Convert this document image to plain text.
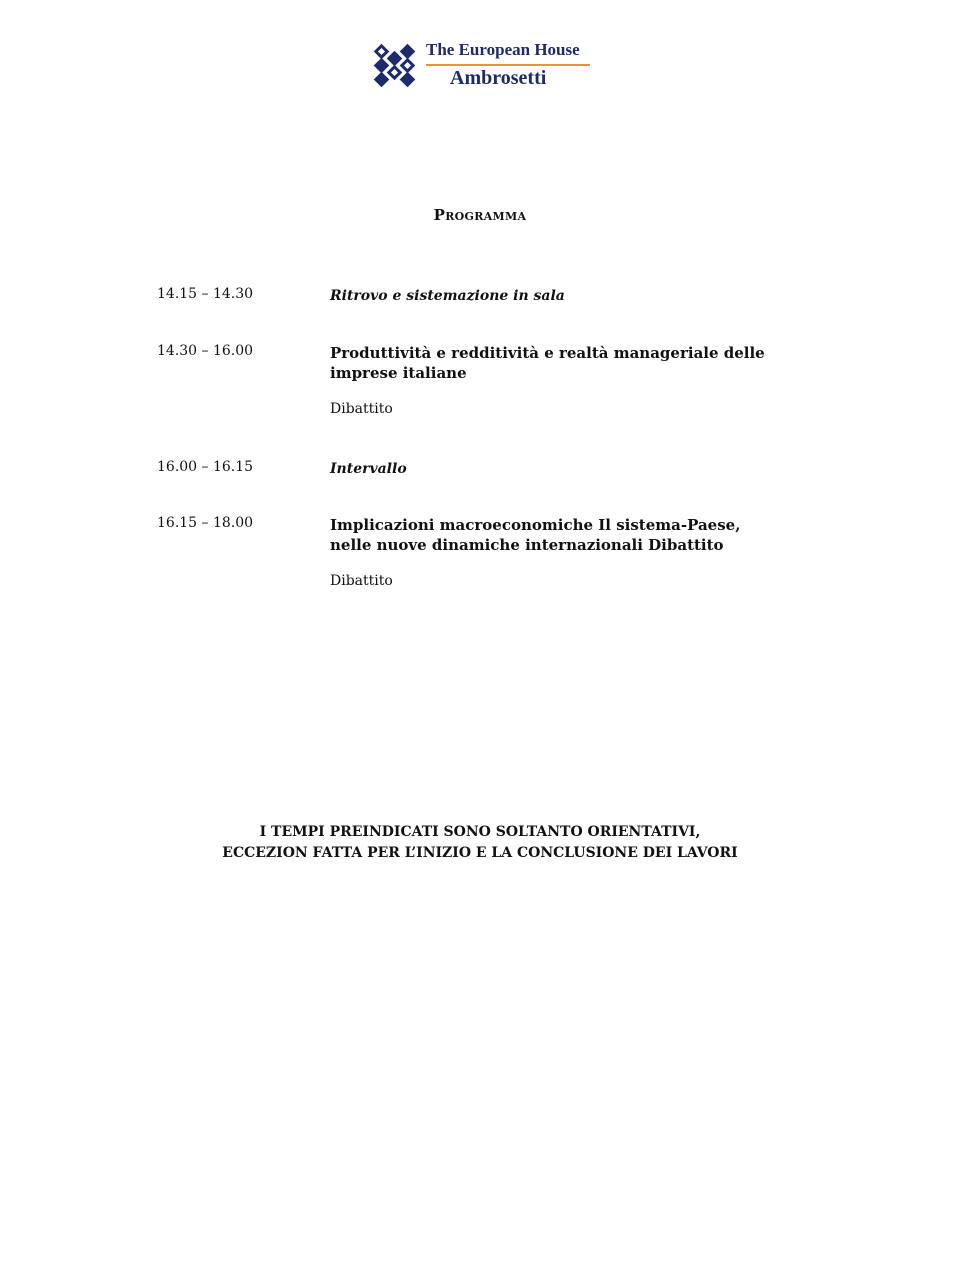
The European House
Ambrosetti
Programma
14.15 – 14.30	Ritrovo e sistemazione in sala
14.30 – 16.00	Produttività e redditività e realtà manageriale delle imprese italiane
Dibattito
16.00 – 16.15	Intervallo
16.15 – 18.00	Implicazioni macroeconomiche Il sistema-Paese, nelle nuove dinamiche internazionali Dibattito
Dibattito
I TEMPI PREINDICATI SONO SOLTANTO ORIENTATIVI,
ECCEZION FATTA PER L’INIZIO E LA CONCLUSIONE DEI LAVORI
